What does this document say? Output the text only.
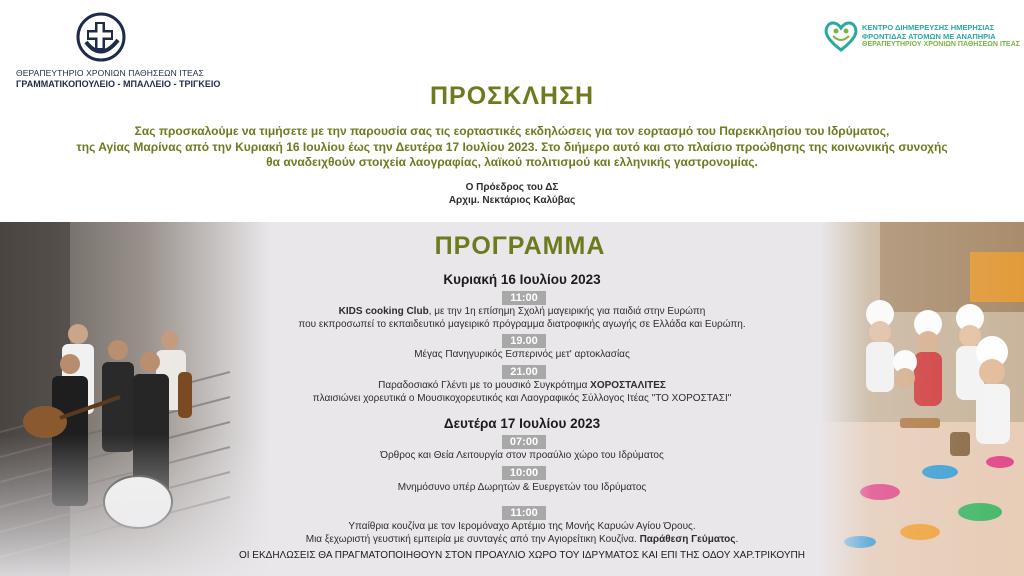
ΘΕΡΑΠΕΥΤΗΡΙΟ ΧΡΟΝΙΩΝ ΠΑΘΗΣΕΩΝ ΙΤΕΑΣ
ΓΡΑΜΜΑΤΙΚΟΠΟΥΛΕΙΟ - ΜΠΑΛΛΕΙΟ - ΤΡΙΓΚΕΙΟ
ΚΕΝΤΡΟ ΔΙΗΜΕΡΕΥΣΗΣ ΗΜΕΡΗΣΙΑΣ
ΦΡΟΝΤΙΔΑΣ ΑΤΟΜΩΝ ΜΕ ΑΝΑΠΗΡΙΑ
ΘΕΡΑΠΕΥΤΗΡΙΟΥ ΧΡΟΝΙΩΝ ΠΑΘΗΣΕΩΝ ΙΤΕΑΣ
ΠΡΟΣΚΛΗΣΗ
Σας προσκαλούμε να τιμήσετε με την παρουσία σας τις εορταστικές εκδηλώσεις για τον εορτασμό του Παρεκκλησίου του Ιδρύματος,
της Αγίας Μαρίνας από την Κυριακή 16 Ιουλίου έως την Δευτέρα 17 Ιουλίου 2023. Στο διήμερο αυτό και στο πλαίσιο προώθησης της κοινωνικής συνοχής
θα αναδειχθούν στοιχεία λαογραφίας, λαϊκού πολιτισμού και ελληνικής γαστρονομίας.
Ο Πρόεδρος του ΔΣ
Αρχιμ. Νεκτάριος Καλύβας
ΠΡΟΓΡΑΜΜΑ
Κυριακή 16 Ιουλίου 2023
11:00
KIDS cooking Club, με την 1η επίσημη Σχολή μαγειρικής για παιδιά στην Ευρώπη
που εκπροσωπεί το εκπαιδευτικό μαγειρικό πρόγραμμα διατροφικής αγωγής σε Ελλάδα και Ευρώπη.
19.00
Μέγας Πανηγυρικός Εσπερινός μετ' αρτοκλασίας
21.00
Παραδοσιακό Γλέντι με το μουσικό Συγκρότημα ΧΟΡΟΣΤΑΛΙΤΕΣ
πλαισιώνει χορευτικά ο Μουσικοχορευτικός και Λαογραφικός Σύλλογος Ιτέας "ΤΟ ΧΟΡΟΣΤΑΣΙ"
Δευτέρα 17 Ιουλίου 2023
07:00
Όρθρος και Θεία Λειτουργία στον προαύλιο χώρο του Ιδρύματος
10:00
Μνημόσυνο υπέρ Δωρητών & Ευεργετών του Ιδρύματος
11:00
Υπαίθρια κουζίνα με τον Ιερομόναχο Αρτέμιο της Μονής Καρυών Αγίου Όρους.
Μια ξεχωριστή γευστική εμπειρία με συνταγές από την Αγιορείτικη Κουζίνα. Παράθεση Γεύματος.
ΟΙ ΕΚΔΗΛΩΣΕΙΣ ΘΑ ΠΡΑΓΜΑΤΟΠΟΙΗΘΟΥΝ ΣΤΟΝ ΠΡΟΑΥΛΙΟ ΧΩΡΟ ΤΟΥ ΙΔΡΥΜΑΤΟΣ ΚΑΙ ΕΠΙ ΤΗΣ ΟΔΟΥ ΧΑΡ.ΤΡΙΚΟΥΠΗ
